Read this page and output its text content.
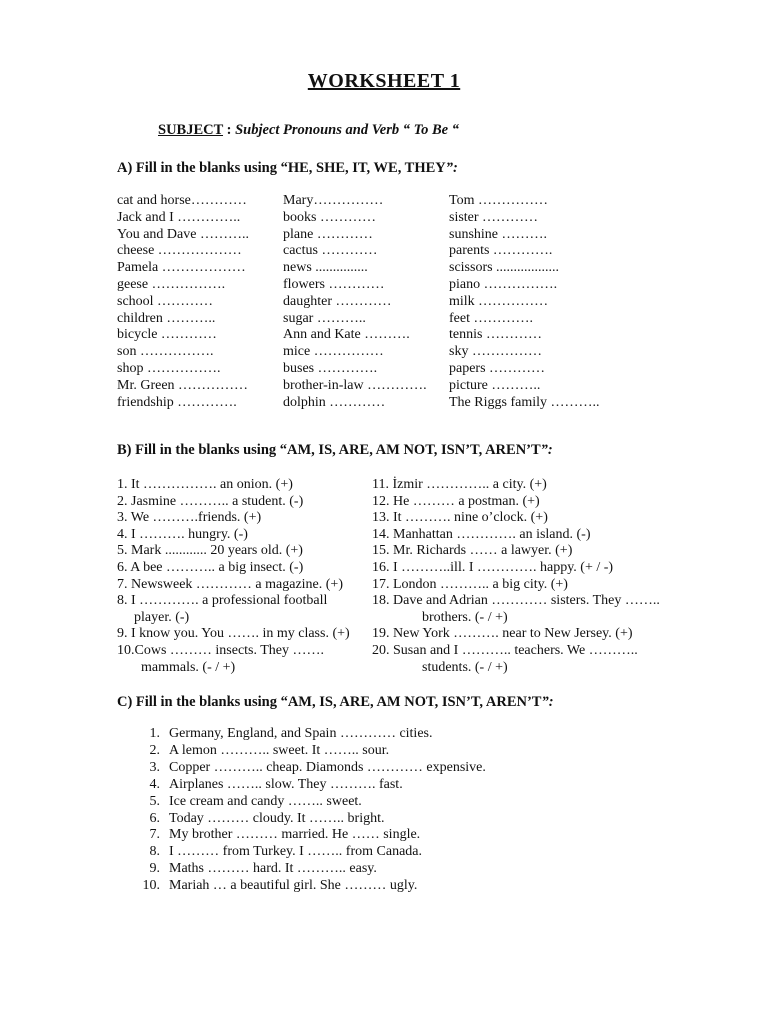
WORKSHEET 1
SUBJECT : Subject Pronouns and Verb “ To Be “
A) Fill in the blanks using “HE, SHE, IT, WE, THEY”:
cat and horse…………
Jack and I …………..
You and Dave ………..
cheese ………………
Pamela ………………
geese …………….
school …………
children ………..
bicycle …………
son …………….
shop …………….
Mr. Green ……………
friendship ………….
Mary……………
books …………
plane …………
cactus …………
news ...............
flowers …………
daughter …………
sugar ………..
Ann and Kate ……….
mice ……………
buses ………….
brother-in-law ………….
dolphin …………
Tom ……………
sister …………
sunshine ……….
parents ………….
scissors ..................
piano …………….
milk ……………
feet ………….
tennis …………
sky ……………
papers …………
picture ………..
The Riggs family ………..
B) Fill in the blanks using “AM, IS, ARE, AM NOT, ISN’T, AREN’T”:
1. It ……………. an onion. (+)
2. Jasmine ……….. a student. (-)
3. We ……….friends. (+)
4. I ………. hungry. (-)
5. Mark ............ 20 years old. (+)
6. A bee ……….. a big insect. (-)
7. Newsweek ………… a magazine. (+)
8. I …………. a professional football
player. (-)
9. I know you. You ……. in my class. (+)
10.Cows ……… insects. They …….
mammals. (- / +)
11. İzmir ………….. a city. (+)
12. He ……… a postman. (+)
13. It ………. nine o’clock. (+)
14. Manhattan …………. an island. (-)
15. Mr. Richards …… a lawyer. (+)
16. I ………..ill. I …………. happy. (+ / -)
17. London ……….. a big city. (+)
18. Dave and Adrian ………… sisters. They ……..
brothers. (- / +)
19. New York ………. near to New Jersey. (+)
20. Susan and I ……….. teachers. We ………..
students. (- / +)
C) Fill in the blanks using “AM, IS, ARE, AM NOT, ISN’T, AREN’T”:
1. Germany, England, and Spain ………… cities.
2. A lemon ……….. sweet. It …….. sour.
3. Copper ……….. cheap. Diamonds ………… expensive.
4. Airplanes …….. slow. They ………. fast.
5. Ice cream and candy …….. sweet.
6. Today ……… cloudy. It …….. bright.
7. My brother ……… married. He …… single.
8. I ……… from Turkey. I …….. from Canada.
9. Maths ……… hard. It ……….. easy.
10. Mariah … a beautiful girl. She ……… ugly.
